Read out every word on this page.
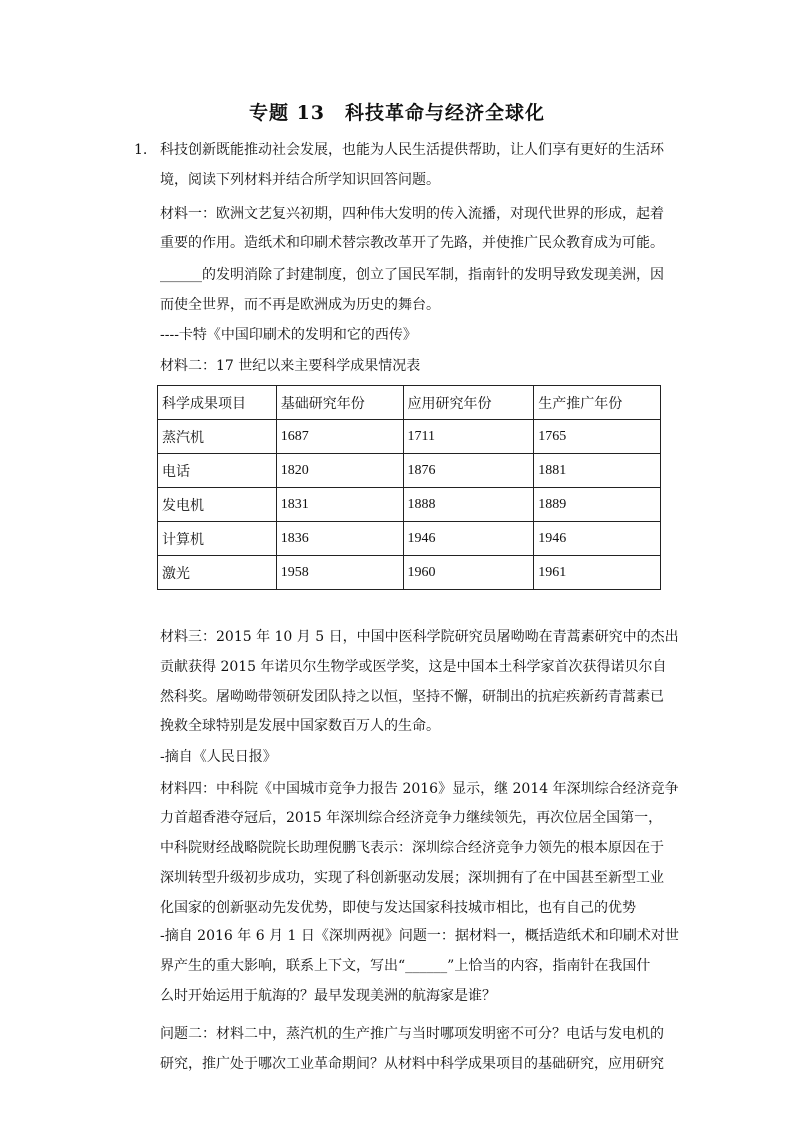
专题 13　科技革命与经济全球化
1. 科技创新既能推动社会发展，也能为人民生活提供帮助，让人们享有更好的生活环
境，阅读下列材料并结合所学知识回答问题。
材料一：欧洲文艺复兴初期，四种伟大发明的传入流播，对现代世界的形成，起着
重要的作用。造纸术和印刷术替宗教改革开了先路，并使推广民众教育成为可能。
______的发明消除了封建制度，创立了国民军制，指南针的发明导致发现美洲，因
而使全世界，而不再是欧洲成为历史的舞台。
----卡特《中国印刷术的发明和它的西传》
材料二：17 世纪以来主要科学成果情况表
科学成果项目	基础研究年份	应用研究年份	生产推广年份
蒸汽机	1687	1711	1765
电话	1820	1876	1881
发电机	1831	1888	1889
计算机	1836	1946	1946
激光	1958	1960	1961
材料三：2015 年 10 月 5 日，中国中医科学院研究员屠呦呦在青蒿素研究中的杰出
贡献获得 2015 年诺贝尔生物学或医学奖，这是中国本土科学家首次获得诺贝尔自
然科奖。屠呦呦带领研发团队持之以恒，坚持不懈，研制出的抗疟疾新药青蒿素已
挽救全球特别是发展中国家数百万人的生命。
-摘自《人民日报》
材料四：中科院《中国城市竞争力报告 2016》显示，继 2014 年深圳综合经济竞争
力首超香港夺冠后，2015 年深圳综合经济竞争力继续领先，再次位居全国第一，
中科院财经战略院院长助理倪鹏飞表示：深圳综合经济竞争力领先的根本原因在于
深圳转型升级初步成功，实现了科创新驱动发展；深圳拥有了在中国甚至新型工业
化国家的创新驱动先发优势，即使与发达国家科技城市相比，也有自己的优势
-摘自 2016 年 6 月 1 日《深圳两视》问题一：据材料一，概括造纸术和印刷术对世
界产生的重大影响，联系上下文，写出“______”上恰当的内容，指南针在我国什
么时开始运用于航海的？最早发现美洲的航海家是谁？
问题二：材料二中，蒸汽机的生产推广与当时哪项发明密不可分？电话与发电机的
研究，推广处于哪次工业革命期间？从材料中科学成果项目的基础研究，应用研究
